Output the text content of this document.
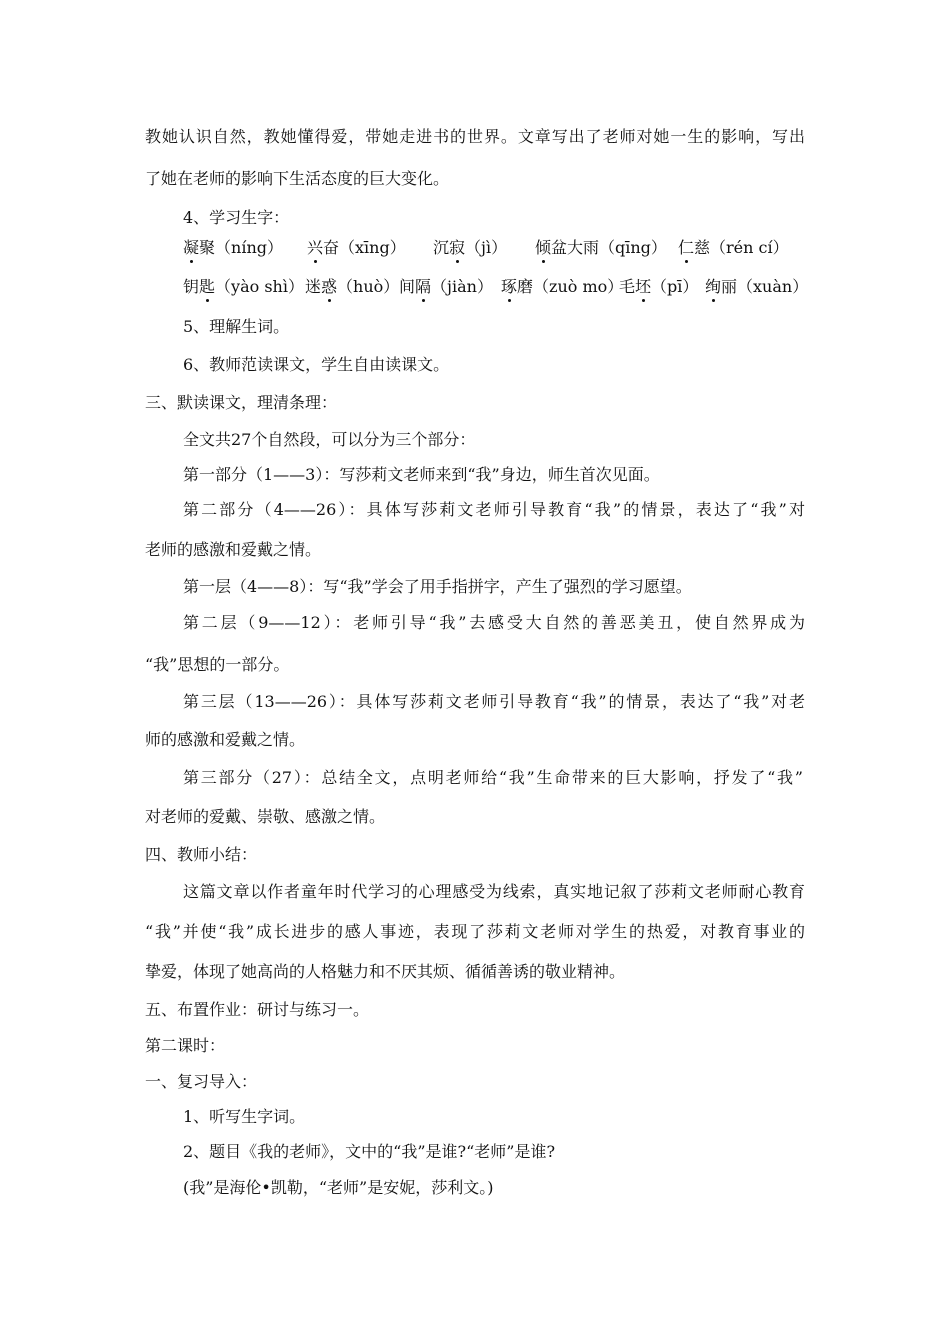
教她认识自然，教她懂得爱，带她走进书的世界。文章写出了老师对她一生的影响，写出
了她在老师的影响下生活态度的巨大变化。
4、学习生字：
凝聚（níng） 兴奋（xīng） 沉寂（jì） 倾盆大雨（qīng） 仁慈（rén cí）
钥匙（yào shì） 迷惑（huò） 间隔（jiàn） 琢磨（zuò mo）
毛坯（pī） 绚丽（xuàn）
5、理解生词。
6、教师范读课文，学生自由读课文。
三、默读课文，理清条理：
全文共27个自然段，可以分为三个部分：
第一部分（1——3）：写莎莉文老师来到“我”身边，师生首次见面。
第二部分（4——26）：具体写莎莉文老师引导教育“我”的情景，表达了“我”对
老师的感激和爱戴之情。
第一层（4——8）：写“我”学会了用手指拼字，产生了强烈的学习愿望。
第二层（9——12）：老师引导“我”去感受大自然的善恶美丑，使自然界成为
“我”思想的一部分。
第三层（13——26）：具体写莎莉文老师引导教育“我”的情景，表达了“我”对老
师的感激和爱戴之情。
第三部分（27）：总结全文，点明老师给“我”生命带来的巨大影响，抒发了“我”
对老师的爱戴、崇敬、感激之情。
四、教师小结：
这篇文章以作者童年时代学习的心理感受为线索，真实地记叙了莎莉文老师耐心教育
“我”并使“我”成长进步的感人事迹，表现了莎莉文老师对学生的热爱，对教育事业的
挚爱，体现了她高尚的人格魅力和不厌其烦、循循善诱的敬业精神。
五、布置作业：研讨与练习一。
第二课时：
一、复习导入：
1、听写生字词。
2、题目《我的老师》，文中的“我”是谁?“老师”是谁?
(我”是海伦•凯勒，“老师”是安妮，莎利文。)
